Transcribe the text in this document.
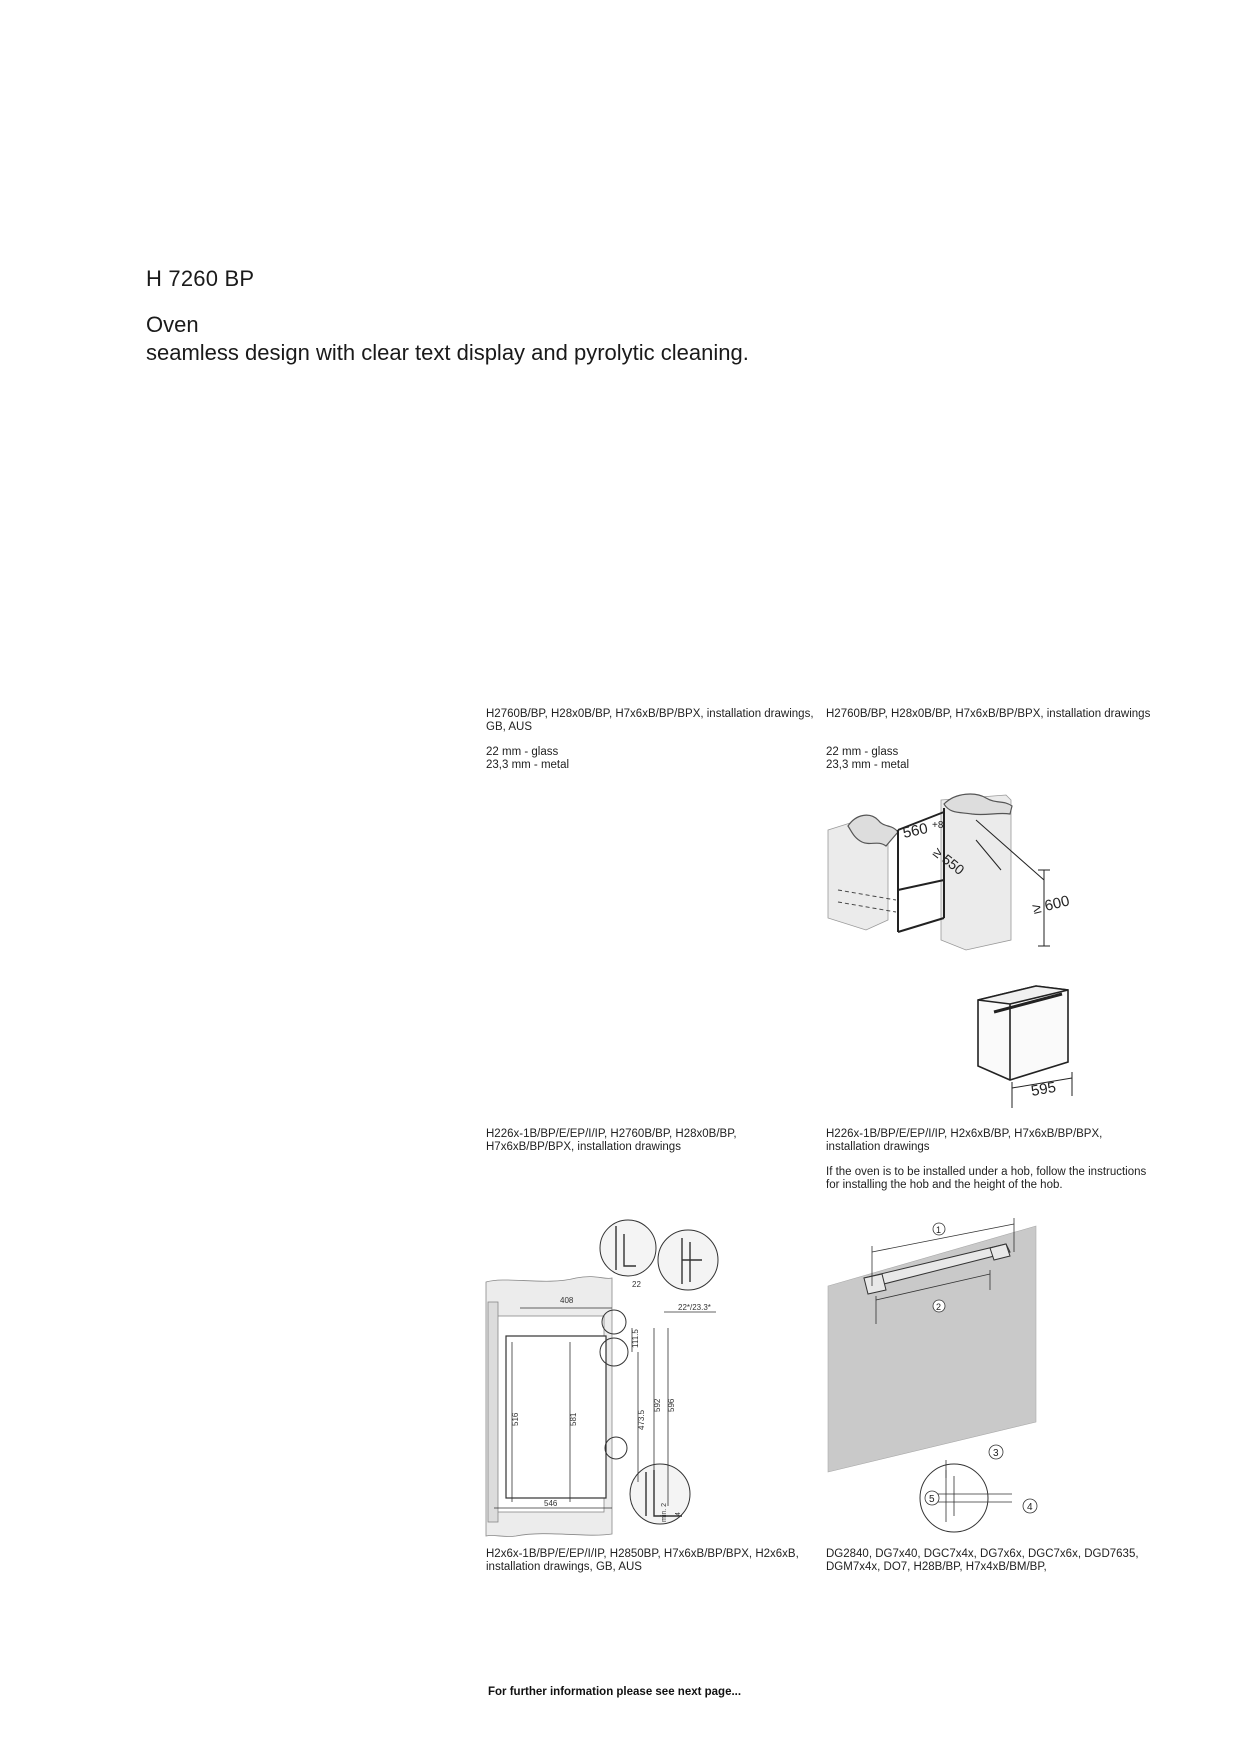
H 7260 BP
Oven
seamless design with clear text display and pyrolytic cleaning.

H2760B/BP, H28x0B/BP, H7x6xB/BP/BPX, installation drawings, GB, AUS

22 mm - glass

23,3 mm - metal

H2760B/BP, H28x0B/BP, H7x6xB/BP/BPX, installation drawings

22 mm - glass

23,3 mm - metal

560 +8
≥ 550
≥ 600
595

H226x-1B/BP/E/EP/I/IP, H2760B/BP, H28x0B/BP, H7x6xB/BP/BPX, installation drawings

408
22
22*/23.3*
111.5
516	581	473.5
592 596
546	min. 2 4

H226x-1B/BP/E/EP/I/IP, H2x6xB/BP, H7x6xB/BP/BPX, installation drawings

If the oven is to be installed under a hob, follow the instructions for installing the hob and the height of the hob.

1
2
3
4
5

H2x6x-1B/BP/E/EP/I/IP, H2850BP, H7x6xB/BP/BPX, H2x6xB, installation drawings, GB, AUS

DG2840, DG7x40, DGC7x4x, DG7x6x, DGC7x6x, DGD7635, DGM7x4x, DO7, H28B/BP, H7x4xB/BM/BP,

For further information please see next page...
